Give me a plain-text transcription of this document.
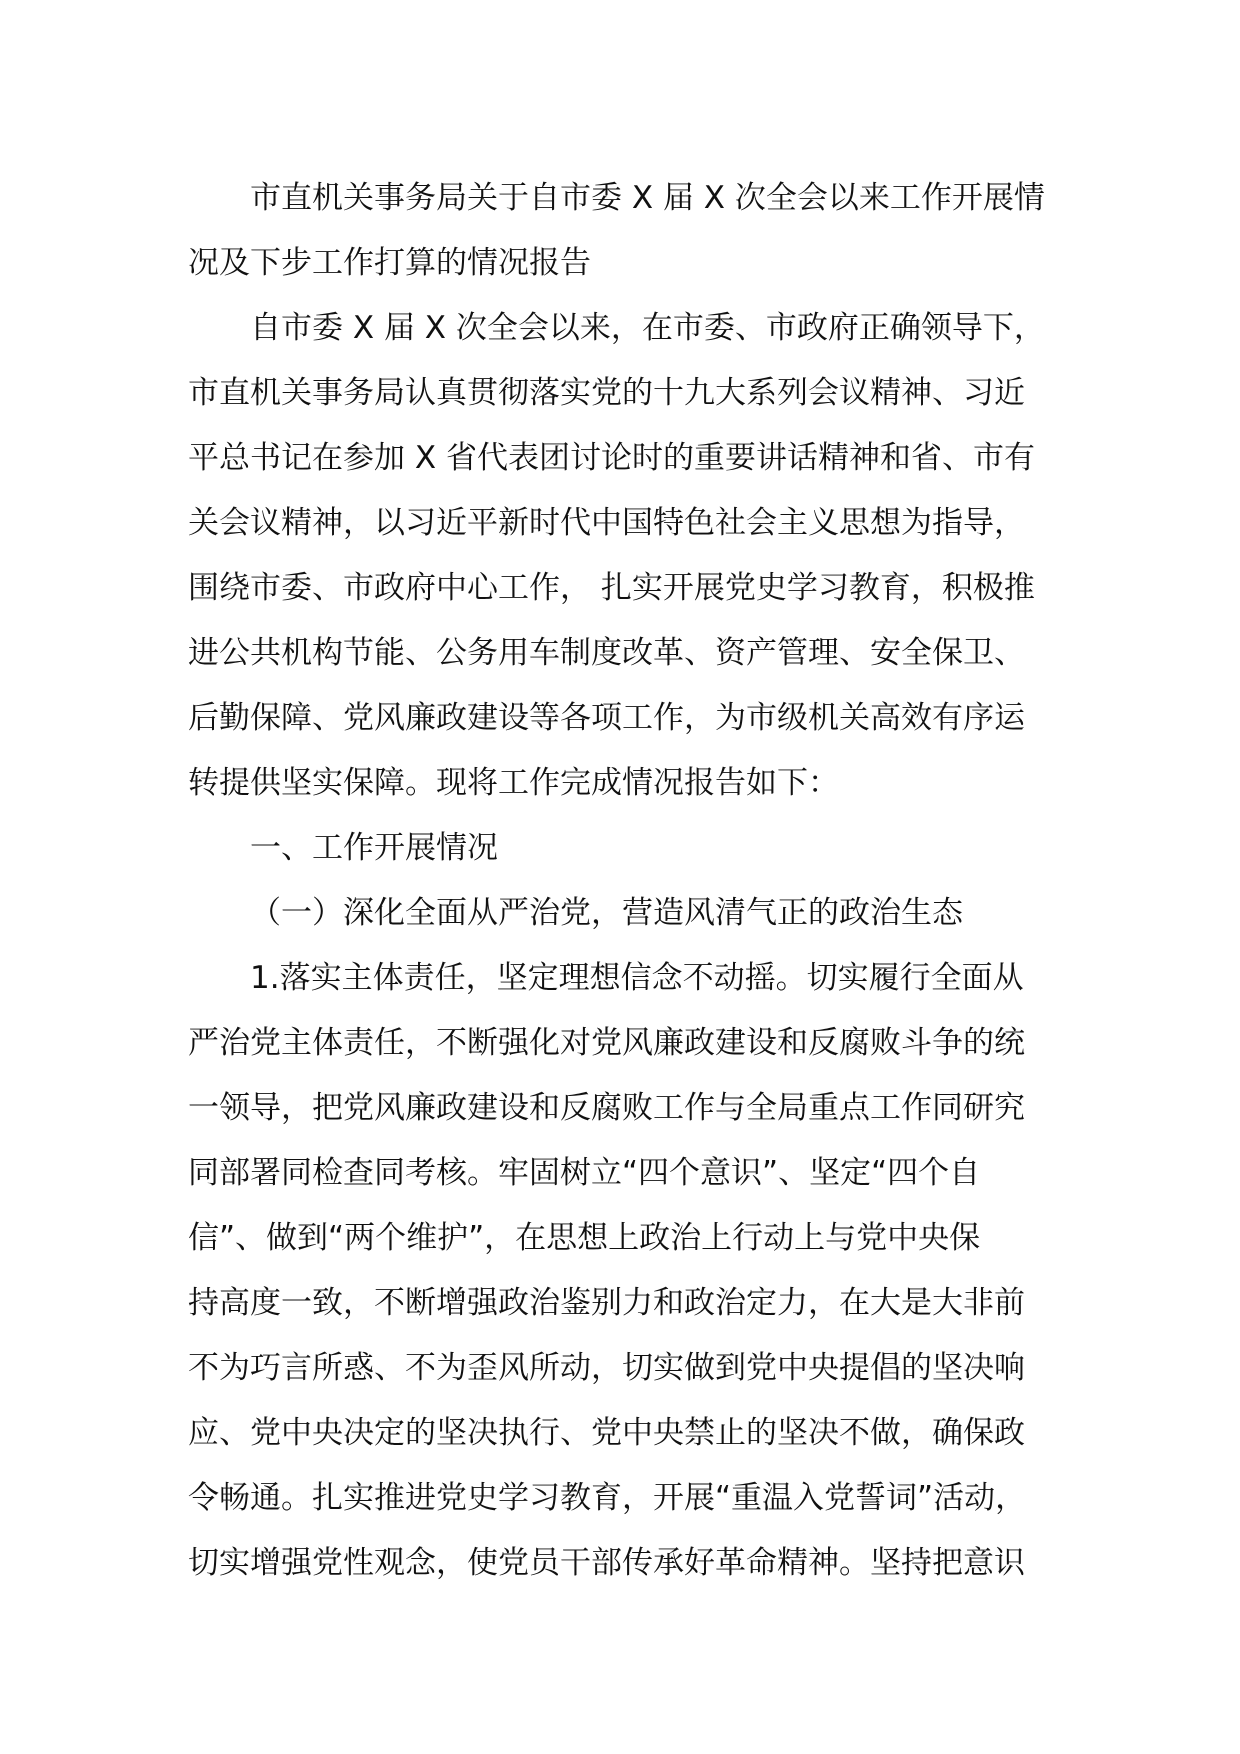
市直机关事务局关于自市委 X 届 X 次全会以来工作开展情
况及下步工作打算的情况报告
自市委 X 届 X 次全会以来，在市委、市政府正确领导下，
市直机关事务局认真贯彻落实党的十九大系列会议精神、习近
平总书记在参加 X 省代表团讨论时的重要讲话精神和省、市有
关会议精神，以习近平新时代中国特色社会主义思想为指导，
围绕市委、市政府中心工作， 扎实开展党史学习教育，积极推
进公共机构节能、公务用车制度改革、资产管理、安全保卫、
后勤保障、党风廉政建设等各项工作，为市级机关高效有序运
转提供坚实保障。现将工作完成情况报告如下：
一、工作开展情况
（一）深化全面从严治党，营造风清气正的政治生态
1.落实主体责任，坚定理想信念不动摇。切实履行全面从
严治党主体责任，不断强化对党风廉政建设和反腐败斗争的统
一领导，把党风廉政建设和反腐败工作与全局重点工作同研究
同部署同检查同考核。牢固树立“四个意识”、坚定“四个自
信”、做到“两个维护”，在思想上政治上行动上与党中央保
持高度一致，不断增强政治鉴别力和政治定力，在大是大非前
不为巧言所惑、不为歪风所动，切实做到党中央提倡的坚决响
应、党中央决定的坚决执行、党中央禁止的坚决不做，确保政
令畅通。扎实推进党史学习教育，开展“重温入党誓词”活动，
切实增强党性观念，使党员干部传承好革命精神。坚持把意识
